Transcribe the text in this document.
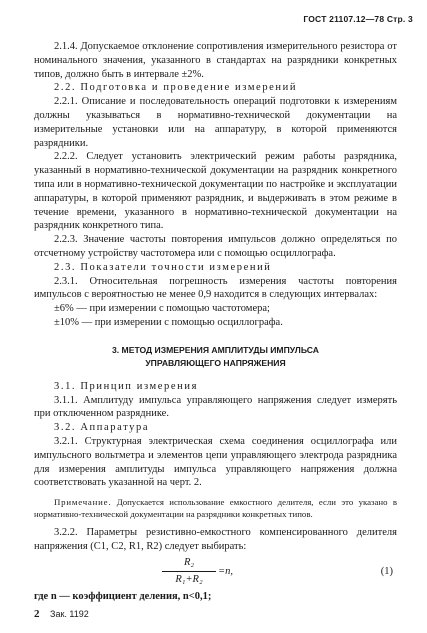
ГОСТ 21107.12—78 Стр. 3

2.1.4. Допускаемое отклонение сопротивления измерительного резистора от номинального значения, указанного в стандартах на разрядники конкретных типов, должно быть в интервале ±2%.

2.2. Подготовка и проведение измерений

2.2.1. Описание и последовательность операций подготовки к измерениям должны указываться в нормативно-технической документации на измерительные установки или на аппаратуру, в которой применяются разрядники.

2.2.2. Следует установить электрический режим работы разрядника, указанный в нормативно-технической документации на разрядник конкретного типа или в нормативно-технической документации по настройке и эксплуатации аппаратуры, в которой применяют разрядник, и выдерживать в этом режиме в течение времени, указанного в нормативно-технической документации на разрядник конкретного типа.

2.2.3. Значение частоты повторения импульсов должно определяться по отсчетному устройству частотомера или с помощью осциллографа.

2.3. Показатели точности измерений

2.3.1. Относительная погрешность измерения частоты повторения импульсов с вероятностью не менее 0,9 находится в следующих интервалах:

±6% — при измерении с помощью частотомера;

±10% — при измерении с помощью осциллографа.

3. МЕТОД ИЗМЕРЕНИЯ АМПЛИТУДЫ ИМПУЛЬСА
УПРАВЛЯЮЩЕГО НАПРЯЖЕНИЯ

3.1. Принцип измерения

3.1.1. Амплитуду импульса управляющего напряжения следует измерять при отключенном разряднике.

3.2. Аппаратура

3.2.1. Структурная электрическая схема соединения осциллографа или импульсного вольтметра и элементов цепи управляющего электрода разрядника для измерения амплитуды импульса управляющего напряжения должна соответствовать указанной на черт. 2.

Примечание. Допускается использование емкостного делителя, если это указано в нормативно-технической документации на разрядники конкретных типов.

3.2.2. Параметры резистивно-емкостного компенсированного делителя напряжения (C1, C2, R1, R2) следует выбирать:

$\frac{\text{R₂}}{\text{R₁+R₂}} =n$,	(1)

где n — коэффициент деления, n<0,1;

2 Зак. 1192
